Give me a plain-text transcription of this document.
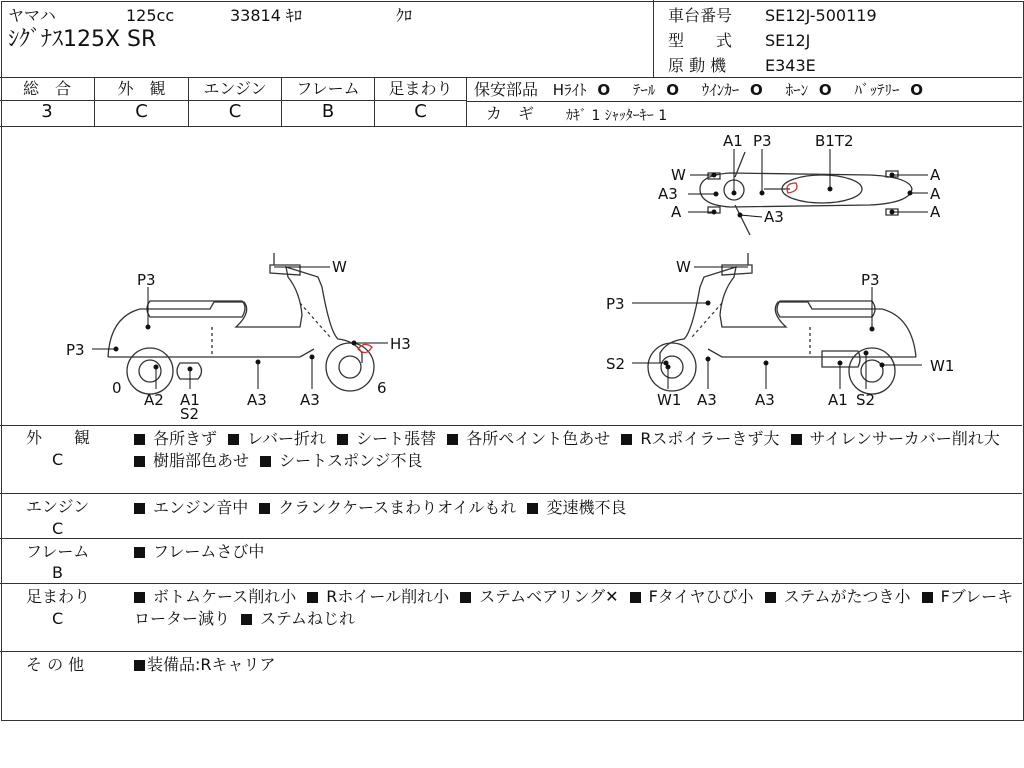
ヤマハ	125cc	33814 ｷﾛ	ｸﾛ
ｼｸﾞﾅｽ125X SR
車台番号 SE12J-500119
型　　式 SE12J
原 動 機 E343E
総　合
3
外　観
C
エンジン
C
フレーム
B
足まわり
C
保安部品 Hﾗｲﾄ O ﾃｰﾙ O ｳｲﾝｶｰ O ﾎｰﾝ O ﾊﾞｯﾃﾘｰ O
カ　ギ ｶｷﾞ 1 ｼｬｯﾀｰｷｰ 1
P3
W
P3	H3
0
A2 A1
S2
A3 A3
6
W
P3
P3
S2	W1
W1 A3	A3	A1 S2
A1 P3	B1T2
W
A3
A	A3
A
A
A
外　　観
C
各所きず レバー折れ シート張替 各所ペイント色あせ Rスポイラーきず大 サイレンサーカバー削れ大 樹脂部色あせ シートスポンジ不良
エンジン
C
エンジン音中 クランクケースまわりオイルもれ 変速機不良
フレーム
B
フレームさび中
足まわり
C
ボトムケース削れ小 Rホイール削れ小 ステムベアリング✕ Fタイヤひび小 ステムがたつき小 Fブレーキローター減り ステムねじれ
そ の 他	装備品:Rキャリア
